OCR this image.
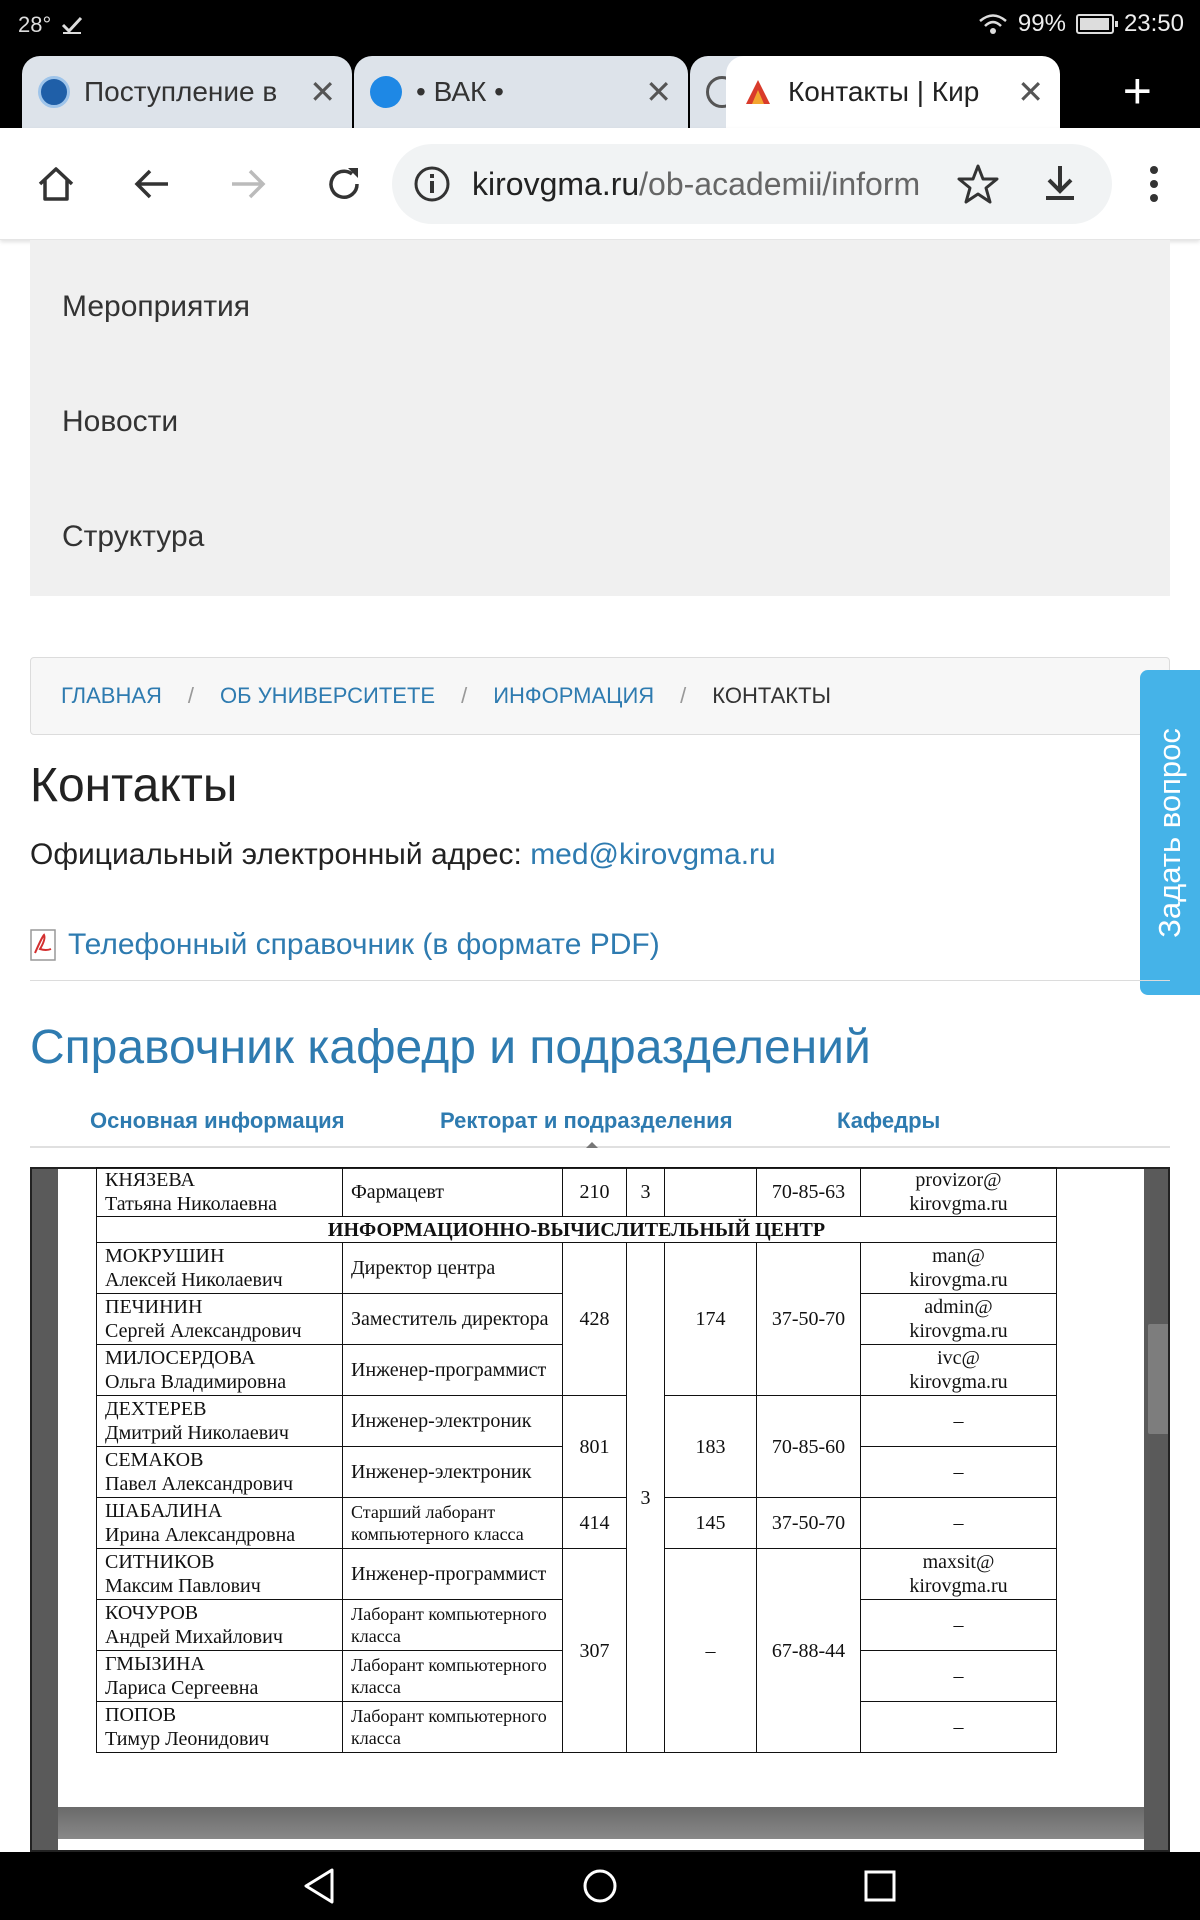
28°	99% 23:50
Поступление в ✕	• ВАК •	✕	Контакты | Кир	✕ +
kirovgma.ru/ob-academii/inform
Мероприятия
Новости
Структура
ГЛАВНАЯ / ОБ УНИВЕРСИТЕТЕ / ИНФОРМАЦИЯ / КОНТАКТЫ
Задать вопрос
Контакты
Официальный электронный адрес: med@kirovgma.ru
Телефонный справочник (в формате PDF)
Справочник кафедр и подразделений
Основная информация	Ректорат и подразделения	Кафедры
КНЯЗЕВА
Татьяна Николаевна	Фармацевт	210	3		70-85-63	provizor@
kirovgma.ru
ИНФОРМАЦИОННО-ВЫЧИСЛИТЕЛЬНЫЙ ЦЕНТР						
МОКРУШИН
Алексей Николаевич	Директор центра	428	3	174	37-50-70	man@
kirovgma.ru
ПЕЧИНИН
Сергей Александрович	Заместитель директора					admin@
kirovgma.ru
МИЛОСЕРДОВА
Ольга Владимировна	Инженер-программист					ivc@
kirovgma.ru
ДЕХТЕРЕВ
Дмитрий Николаевич	Инженер-электроник	801		183	70-85-60	–
СЕМАКОВ
Павел Александрович	Инженер-электроник					–
ШАБАЛИНА
Ирина Александровна	Старший лаборант компьютерного класса	414		145	37-50-70	–
СИТНИКОВ
Максим Павлович	Инженер-программист	307		–	67-88-44	maxsit@
kirovgma.ru
КОЧУРОВ
Андрей Михайлович	Лаборант компьютерного класса					–
ГМЫЗИНА
Лариса Сергеевна	Лаборант компьютерного класса					–
ПОПОВ
Тимур Леонидович	Лаборант компьютерного класса					–
